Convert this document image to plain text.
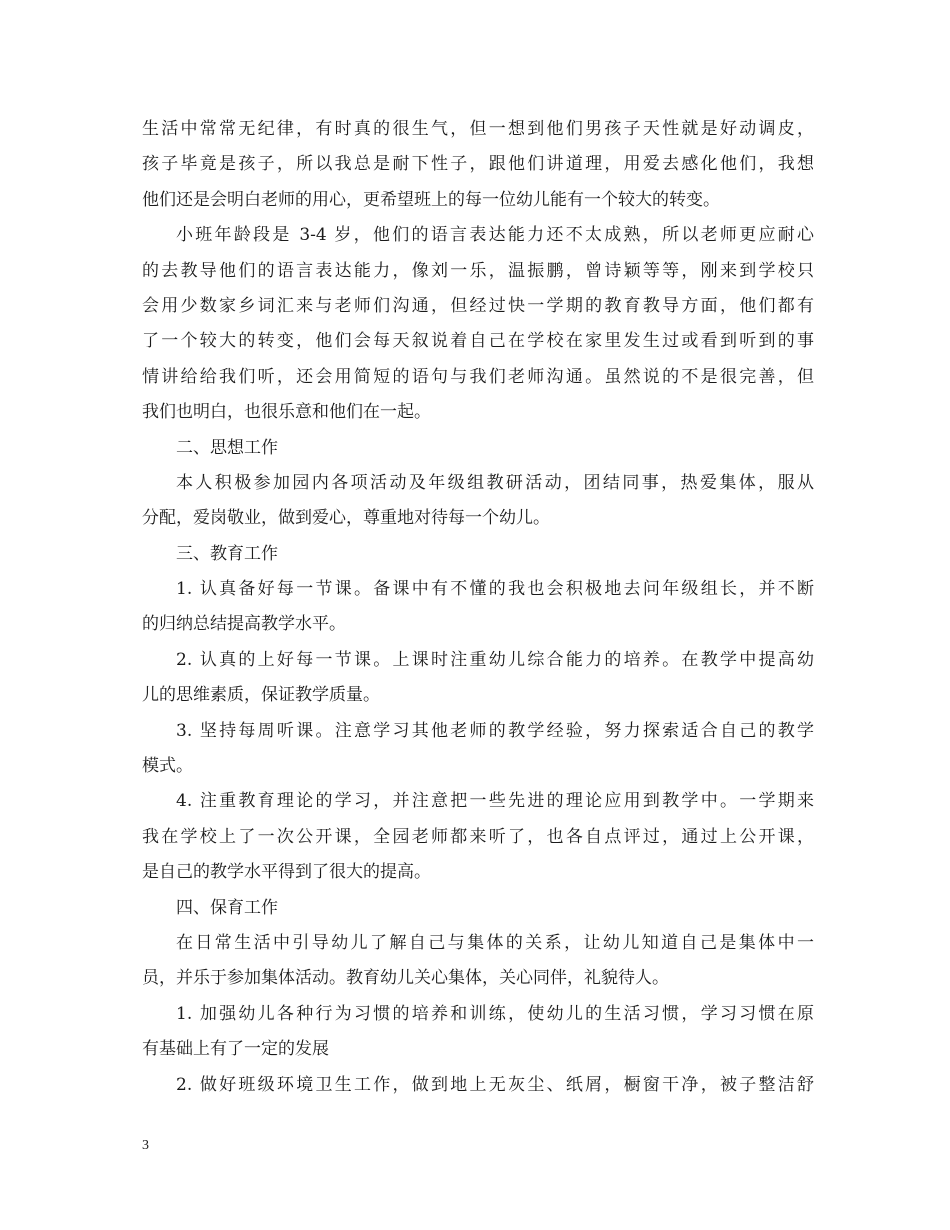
生活中常常无纪律，有时真的很生气，但一想到他们男孩子天性就是好动调皮，
孩子毕竟是孩子，所以我总是耐下性子，跟他们讲道理，用爱去感化他们，我想
他们还是会明白老师的用心，更希望班上的每一位幼儿能有一个较大的转变。
小班年龄段是 3-4 岁，他们的语言表达能力还不太成熟，所以老师更应耐心
的去教导他们的语言表达能力，像刘一乐，温振鹏，曾诗颖等等，刚来到学校只
会用少数家乡词汇来与老师们沟通，但经过快一学期的教育教导方面，他们都有
了一个较大的转变，他们会每天叙说着自己在学校在家里发生过或看到听到的事
情讲给给我们听，还会用简短的语句与我们老师沟通。虽然说的不是很完善，但
我们也明白，也很乐意和他们在一起。
二、思想工作
本人积极参加园内各项活动及年级组教研活动，团结同事，热爱集体，服从
分配，爱岗敬业，做到爱心，尊重地对待每一个幼儿。
三、教育工作
1. 认真备好每一节课。备课中有不懂的我也会积极地去问年级组长，并不断
的归纳总结提高教学水平。
2. 认真的上好每一节课。上课时注重幼儿综合能力的培养。在教学中提高幼
儿的思维素质，保证教学质量。
3. 坚持每周听课。注意学习其他老师的教学经验，努力探索适合自己的教学
模式。
4. 注重教育理论的学习，并注意把一些先进的理论应用到教学中。一学期来
我在学校上了一次公开课，全园老师都来听了，也各自点评过，通过上公开课，
是自己的教学水平得到了很大的提高。
四、保育工作
在日常生活中引导幼儿了解自己与集体的关系，让幼儿知道自己是集体中一
员，并乐于参加集体活动。教育幼儿关心集体，关心同伴，礼貌待人。
1. 加强幼儿各种行为习惯的培养和训练，使幼儿的生活习惯，学习习惯在原
有基础上有了一定的发展
2. 做好班级环境卫生工作，做到地上无灰尘、纸屑，橱窗干净，被子整洁舒
3
